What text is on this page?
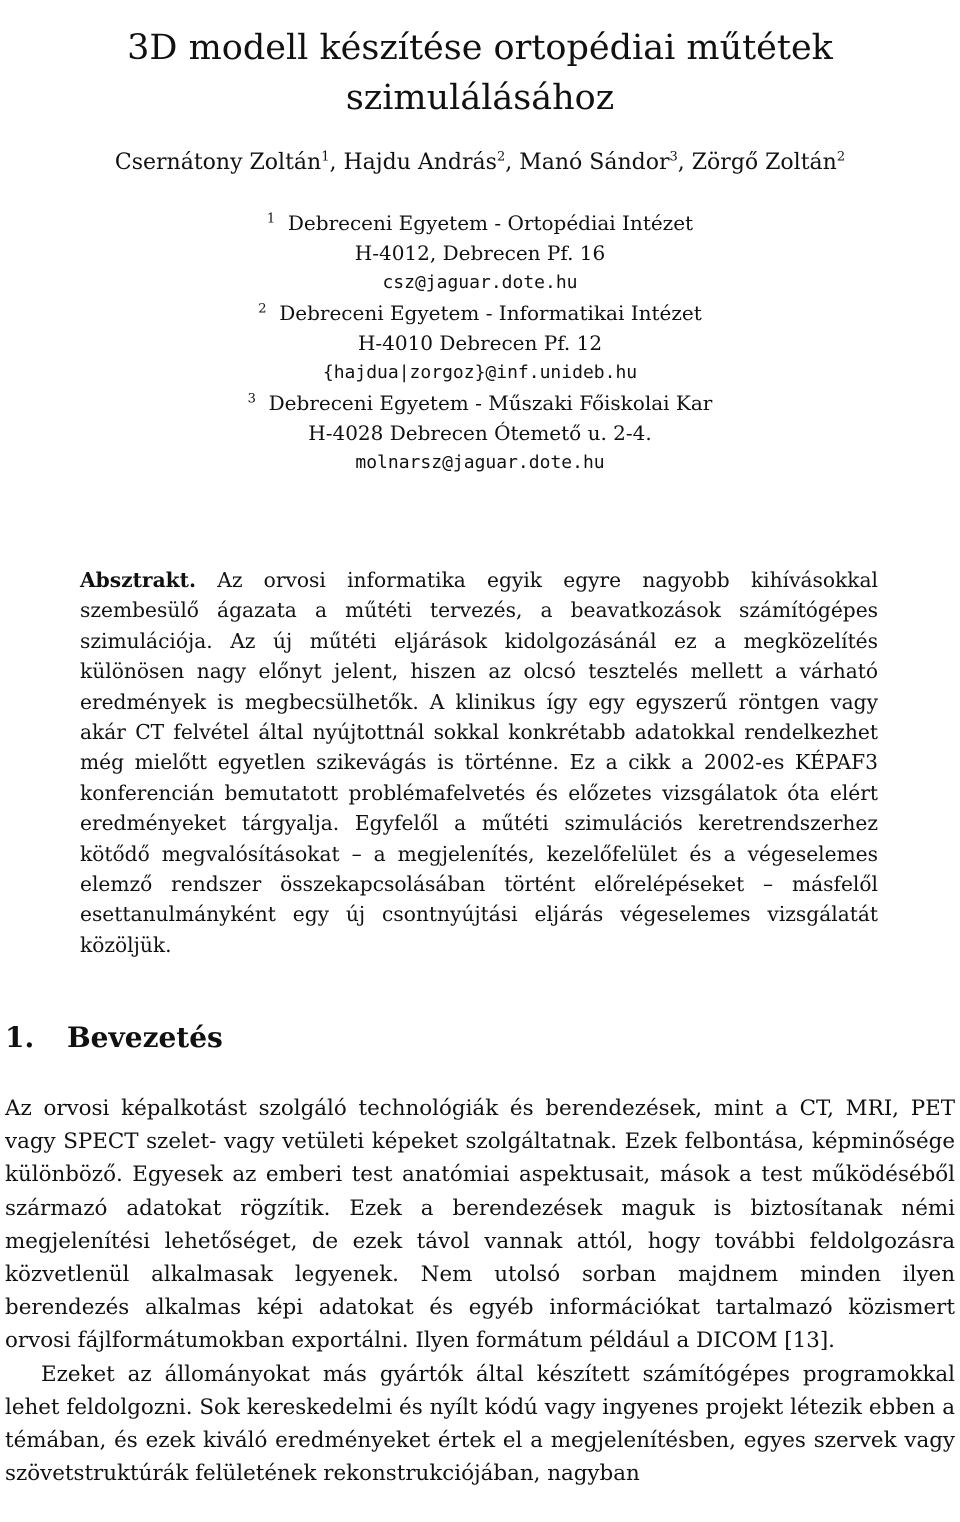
3D modell készítése ortopédiai műtétek szimulálásához
Csernátony Zoltán$^1$, Hajdu András$^2$, Manó Sándor$^3$, Zörgő Zoltán$^2$
$^1$ Debreceni Egyetem - Ortopédiai Intézet
H-4012, Debrecen Pf. 16
csz@jaguar.dote.hu
$^2$ Debreceni Egyetem - Informatikai Intézet
H-4010 Debrecen Pf. 12
{hajdua|zorgoz}@inf.unideb.hu
$^3$ Debreceni Egyetem - Műszaki Főiskolai Kar
H-4028 Debrecen Ótemető u. 2-4.
molnarsz@jaguar.dote.hu
Absztrakt. Az orvosi informatika egyik egyre nagyobb kihívásokkal szembesülő ágazata a műtéti tervezés, a beavatkozások számítógépes szimulációja. Az új műtéti eljárások kidolgozásánál ez a megközelítés különösen nagy előnyt jelent, hiszen az olcsó tesztelés mellett a várható eredmények is megbecsülhetők. A klinikus így egy egyszerű röntgen vagy akár CT felvétel által nyújtottnál sokkal konkrétabb adatokkal rendelkezhet még mielőtt egyetlen szikevágás is történne. Ez a cikk a 2002-es KÉPAF3 konferencián bemutatott problémafelvetés és előzetes vizsgálatok óta elért eredményeket tárgyalja. Egyfelől a műtéti szimulációs keretrendszerhez kötődő megvalósításokat – a megjelenítés, kezelőfelület és a végeselemes elemző rendszer összekapcsolásában történt előrelépéseket – másfelől esettanulmányként egy új csontnyújtási eljárás végeselemes vizsgálatát közöljük.
1. Bevezetés

Az orvosi képalkotást szolgáló technológiák és berendezések, mint a CT, MRI, PET vagy SPECT szelet- vagy vetületi képeket szolgáltatnak. Ezek felbontása, képminősége különböző. Egyesek az emberi test anatómiai aspektusait, mások a test működéséből származó adatokat rögzítik. Ezek a berendezések maguk is biztosítanak némi megjelenítési lehetőséget, de ezek távol vannak attól, hogy további feldolgozásra közvetlenül alkalmasak legyenek. Nem utolsó sorban majdnem minden ilyen berendezés alkalmas képi adatokat és egyéb információkat tartalmazó közismert orvosi fájlformátumokban exportálni. Ilyen formátum például a DICOM [13].

Ezeket az állományokat más gyártók által készített számítógépes programokkal lehet feldolgozni. Sok kereskedelmi és nyílt kódú vagy ingyenes projekt létezik ebben a témában, és ezek kiváló eredményeket értek el a megjelenítésben, egyes szervek vagy szövetstruktúrák felületének rekonstrukciójában, nagyban
